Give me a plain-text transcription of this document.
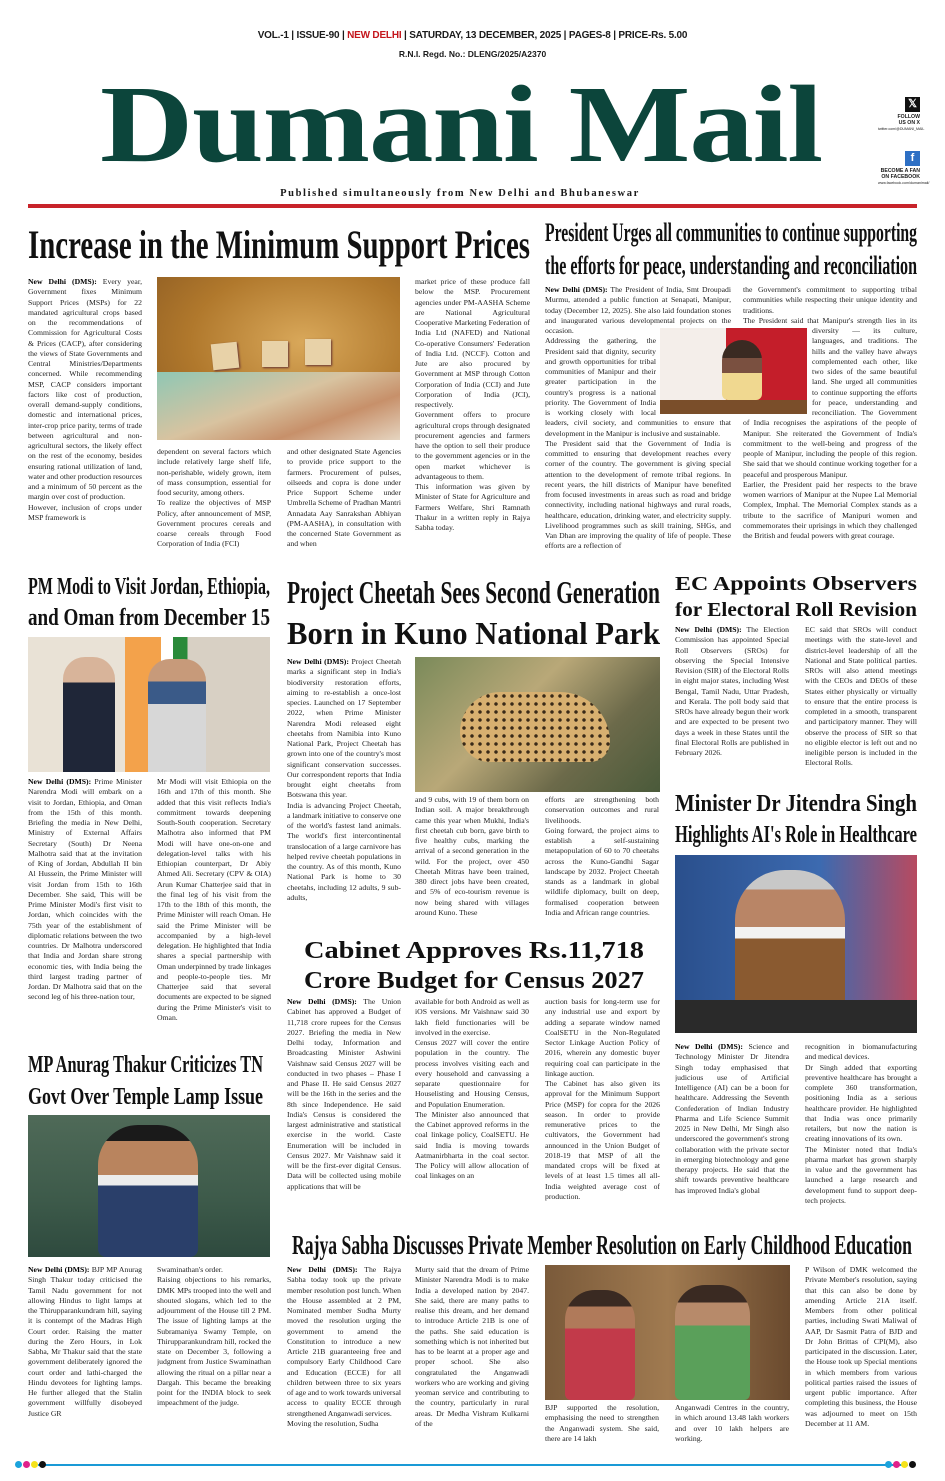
VOL.-1 | ISSUE-90 | NEW DELHI | SATURDAY, 13 DECEMBER, 2025 | PAGES-8 | PRICE-Rs. 5.00
R.N.I. Regd. No.: DLENG/2025/A2370
Dumani Mail
Published simultaneously from New Delhi and Bhubaneswar
𝕏
FOLLOW
US ON X
twitter.com/@DUMANI_MAIL
f
BECOME A FAN
ON FACEBOOK
www.facebook.com/dumanimail/
Increase in the Minimum Support Prices

New Delhi (DMS): Every year, Government fixes Minimum Support Prices (MSPs) for 22 mandated agricultural crops based on the recommendations of Commission for Agricultural Costs & Prices (CACP), after considering the views of State Governments and Central Ministries/Departments concerned. While recommending MSP, CACP considers important factors like cost of production, overall demand-supply conditions, domestic and international prices, inter-crop price parity, terms of trade between agricultural and non-agricultural sectors, the likely effect on the rest of the economy, besides ensuring rational utilization of land, water and other production resources and a minimum of 50 percent as the margin over cost of production.

However, inclusion of crops under MSP framework is

dependent on several factors which include relatively large shelf life, non-perishable, widely grown, item of mass consumption, essential for food security, among others.

To realize the objectives of MSP Policy, after announcement of MSP, Government procures cereals and coarse cereals through Food Corporation of India (FCI)

and other designated State Agencies to provide price support to the farmers. Procurement of pulses, oilseeds and copra is done under Price Support Scheme under Umbrella Scheme of Pradhan Mantri Annadata Aay Sanrakshan Abhiyan (PM-AASHA), in consultation with the concerned State Government as and when

market price of these produce fall below the MSP. Procurement agencies under PM-AASHA Scheme are National Agricultural Cooperative Marketing Federation of India Ltd (NAFED) and National Co-operative Consumers' Federation of India Ltd. (NCCF). Cotton and Jute are also procured by Government at MSP through Cotton Corporation of India (CCI) and Jute Corporation of India (JCI), respectively.

Government offers to procure agricultural crops through designated procurement agencies and farmers have the option to sell their produce to the government agencies or in the open market whichever is advantageous to them.

This information was given by Minister of State for Agriculture and Farmers Welfare, Shri Ramnath Thakur in a written reply in Rajya Sabha today.

President Urges all communities to continue supporting
the efforts for peace, understanding and reconciliation

New Delhi (DMS): The President of India, Smt Droupadi Murmu, attended a public function at Senapati, Manipur, today (December 12, 2025). She also laid foundation stones and inaugurated various developmental projects on the occasion.

Addressing the gathering, the President said that dignity, security and growth opportunities for tribal communities of Manipur and their greater participation in the country's progress is a national priority. The Government of India is working closely with local leaders, civil society, and communities to ensure that development in the Manipur is inclusive and sustainable.

The President said that the Government of India is committed to ensuring that development reaches every corner of the country. The government is giving special attention to the development of remote tribal regions. In recent years, the hill districts of Manipur have benefited from focused investments in areas such as road and bridge connectivity, including national highways and rural roads, healthcare, education, drinking water, and electricity supply. Livelihood programmes such as skill training, SHGs, and Van Dhan are improving the quality of life of people. These efforts are a reflection of

the Government's commitment to supporting tribal communities while respecting their unique identity and traditions.

The President said that Manipur's strength lies in its diversity — its culture, languages, and traditions. The hills and the valley have always complemented each other, like two sides of the same beautiful land. She urged all communities to continue supporting the efforts for peace, understanding and reconciliation. The Government of India recognises the aspirations of the people of Manipur. She reiterated the Government of India's commitment to the well-being and progress of the people of Manipur, including the people of this region. She said that we should continue working together for a peaceful and prosperous Manipur.

Earlier, the President paid her respects to the brave women warriors of Manipur at the Nupee Lal Memorial Complex, Imphal. The Memorial Complex stands as a tribute to the sacrifice of Manipuri women and commemorates their uprisings in which they challenged the British and feudal powers with great courage.

PM Modi to Visit Jordan, Ethiopia,
and Oman from December 15

New Delhi (DMS): Prime Minister Narendra Modi will embark on a visit to Jordan, Ethiopia, and Oman from the 15th of this month. Briefing the media in New Delhi, Ministry of External Affairs Secretary (South) Dr Neena Malhotra said that at the invitation of King of Jordan, Abdullah II bin Al Hussein, the Prime Minister will visit Jordan from 15th to 16th December. She said, This will be Prime Minister Modi's first visit to Jordan, which coincides with the 75th year of the establishment of diplomatic relations between the two countries. Dr Malhotra underscored that India and Jordan share strong economic ties, with India being the third largest trading partner of Jordan. Dr Malhotra said that on the second leg of his three-nation tour,

Mr Modi will visit Ethiopia on the 16th and 17th of this month. She added that this visit reflects India's commitment towards deepening South-South cooperation. Secretary Malhotra also informed that PM Modi will have one-on-one and delegation-level talks with his Ethiopian counterpart, Dr Abiy Ahmed Ali. Secretary (CPV & OIA) Arun Kumar Chatterjee said that in the final leg of his visit from the 17th to the 18th of this month, the Prime Minister will reach Oman. He said the Prime Minister will be accompanied by a high-level delegation. He highlighted that India shares a special partnership with Oman underpinned by trade linkages and people-to-people ties. Mr Chatterjee said that several documents are expected to be signed during the Prime Minister's visit to Oman.

Project Cheetah Sees Second Generation
Born in Kuno National Park

New Delhi (DMS): Project Cheetah marks a significant step in India's biodiversity restoration efforts, aiming to re-establish a once-lost species. Launched on 17 September 2022, when Prime Minister Narendra Modi released eight cheetahs from Namibia into Kuno National Park, Project Cheetah has grown into one of the country's most significant conservation successes. Our correspondent reports that India brought eight cheetahs from Botswana this year.

India is advancing Project Cheetah, a landmark initiative to conserve one of the world's fastest land animals. The world's first intercontinental translocation of a large carnivore has helped revive cheetah populations in the country. As of this month, Kuno National Park is home to 30 cheetahs, including 12 adults, 9 sub-adults,

and 9 cubs, with 19 of them born on Indian soil. A major breakthrough came this year when Mukhi, India's first cheetah cub born, gave birth to five healthy cubs, marking the arrival of a second generation in the wild. For the project, over 450 Cheetah Mitras have been trained, 380 direct jobs have been created, and 5% of eco-tourism revenue is now being shared with villages around Kuno. These

efforts are strengthening both conservation outcomes and rural livelihoods.

Going forward, the project aims to establish a self-sustaining metapopulation of 60 to 70 cheetahs across the Kuno-Gandhi Sagar landscape by 2032. Project Cheetah stands as a landmark in global wildlife diplomacy, built on deep, formalised cooperation between India and African range countries.

EC Appoints Observers
for Electoral Roll Revision

New Delhi (DMS): The Election Commission has appointed Special Roll Observers (SROs) for observing the Special Intensive Revision (SIR) of the Electoral Rolls in eight major states, including West Bengal, Tamil Nadu, Uttar Pradesh, and Kerala. The poll body said that SROs have already begun their work and are expected to be present two days a week in these States until the final Electoral Rolls are published in February 2026.

EC said that SROs will conduct meetings with the state-level and district-level leadership of all the National and State political parties. SROs will also attend meetings with the CEOs and DEOs of these States either physically or virtually to ensure that the entire process is completed in a smooth, transparent and participatory manner. They will observe the process of SIR so that no eligible elector is left out and no ineligible person is included in the Electoral Rolls.

Minister Dr Jitendra Singh
Highlights AI's Role in Healthcare

New Delhi (DMS): Science and Technology Minister Dr Jitendra Singh today emphasised that judicious use of Artificial Intelligence (AI) can be a boon for healthcare. Addressing the Seventh Confederation of Indian Industry Pharma and Life Science Summit 2025 in New Delhi, Mr Singh also underscored the government's strong collaboration with the private sector in emerging biotechnology and gene therapy projects. He said that the shift towards preventive healthcare has improved India's global

recognition in biomanufacturing and medical devices.

Dr Singh added that exporting preventive healthcare has brought a complete 360 transformation, positioning India as a serious healthcare provider. He highlighted that India was once primarily retailers, but now the nation is creating innovations of its own.

The Minister noted that India's pharma market has grown sharply in value and the government has launched a large research and development fund to support deep- tech projects.

Cabinet Approves Rs.11,718
Crore Budget for Census 2027

New Delhi (DMS): The Union Cabinet has approved a Budget of 11,718 crore rupees for the Census 2027. Briefing the media in New Delhi today, Information and Broadcasting Minister Ashwini Vaishnaw said Census 2027 will be conducted in two phases – Phase I and Phase II. He said Census 2027 will be the 16th in the series and the 8th since Independence. He said India's Census is considered the largest administrative and statistical exercise in the world. Caste Enumeration will be included in Census 2027. Mr Vaishnaw said it will be the first-ever digital Census. Data will be collected using mobile applications that will be

available for both Android as well as iOS versions. Mr Vaishnaw said 30 lakh field functionaries will be involved in the exercise.

Census 2027 will cover the entire population in the country. The process involves visiting each and every household and canvassing a separate questionnaire for Houselisting and Housing Census, and Population Enumeration.

The Minister also announced that the Cabinet approved reforms in the coal linkage policy, CoalSETU. He said India is moving towards Aatmanirbharta in the coal sector. The Policy will allow allocation of coal linkages on an

auction basis for long-term use for any industrial use and export by adding a separate window named CoalSETU in the Non-Regulated Sector Linkage Auction Policy of 2016, wherein any domestic buyer requiring coal can participate in the linkage auction.

The Cabinet has also given its approval for the Minimum Support Price (MSP) for copra for the 2026 season. In order to provide remunerative prices to the cultivators, the Government had announced in the Union Budget of 2018-19 that MSP of all the mandated crops will be fixed at levels of at least 1.5 times all all-India weighted average cost of production.

MP Anurag Thakur Criticizes TN
Govt Over Temple Lamp Issue

New Delhi (DMS): BJP MP Anurag Singh Thakur today criticised the Tamil Nadu government for not allowing Hindus to light lamps at the Thirupparankundram hill, saying it is contempt of the Madras High Court order. Raising the matter during the Zero Hours, in Lok Sabha, Mr Thakur said that the state government deliberately ignored the court order and lathi-charged the Hindu devotees for lighting lamps. He further alleged that the Stalin government willfully disobeyed Justice GR

Swaminathan's order.

Raising objections to his remarks, DMK MPs trooped into the well and shouted slogans, which led to the adjournment of the House till 2 PM. The issue of lighting lamps at the Subramaniya Swamy Temple, on Thirupparankundram hill, rocked the state on December 3, following a judgment from Justice Swaminathan allowing the ritual on a pillar near a Dargah. This became the breaking point for the INDIA block to seek impeachment of the judge.

Rajya Sabha Discusses Private Member Resolution on Early Childhood Education

New Delhi (DMS): The Rajya Sabha today took up the private member resolution post lunch. When the House assembled at 2 PM, Nominated member Sudha Murty moved the resolution urging the government to amend the Constitution to introduce a new Article 21B guaranteeing free and compulsory Early Childhood Care and Education (ECCE) for all children between three to six years of age and to work towards universal access to quality ECCE through strengthened Anganwadi services.

Moving the resolution, Sudha

Murty said that the dream of Prime Minister Narendra Modi is to make India a developed nation by 2047. She said, there are many paths to realise this dream, and her demand to introduce Article 21B is one of the paths. She said education is something which is not inherited but has to be learnt at a proper age and proper school. She also congratulated the Anganwadi workers who are working and giving yeoman service and contributing to the country, particularly in rural areas. Dr Medha Vishram Kulkarni of the

BJP supported the resolution, emphasising the need to strengthen the Anganwadi system. She said, there are 14 lakh

Anganwadi Centres in the country, in which around 13.48 lakh workers and over 10 lakh helpers are working.

P Wilson of DMK welcomed the Private Member's resolution, saying that this can also be done by amending Article 21A itself. Members from other political parties, including Swati Maliwal of AAP, Dr Sasmit Patra of BJD and Dr John Brittas of CPI(M), also participated in the discussion. Later, the House took up Special mentions in which members from various political parties raised the issues of urgent public importance. After completing this business, the House was adjourned to meet on 15th December at 11 AM.
